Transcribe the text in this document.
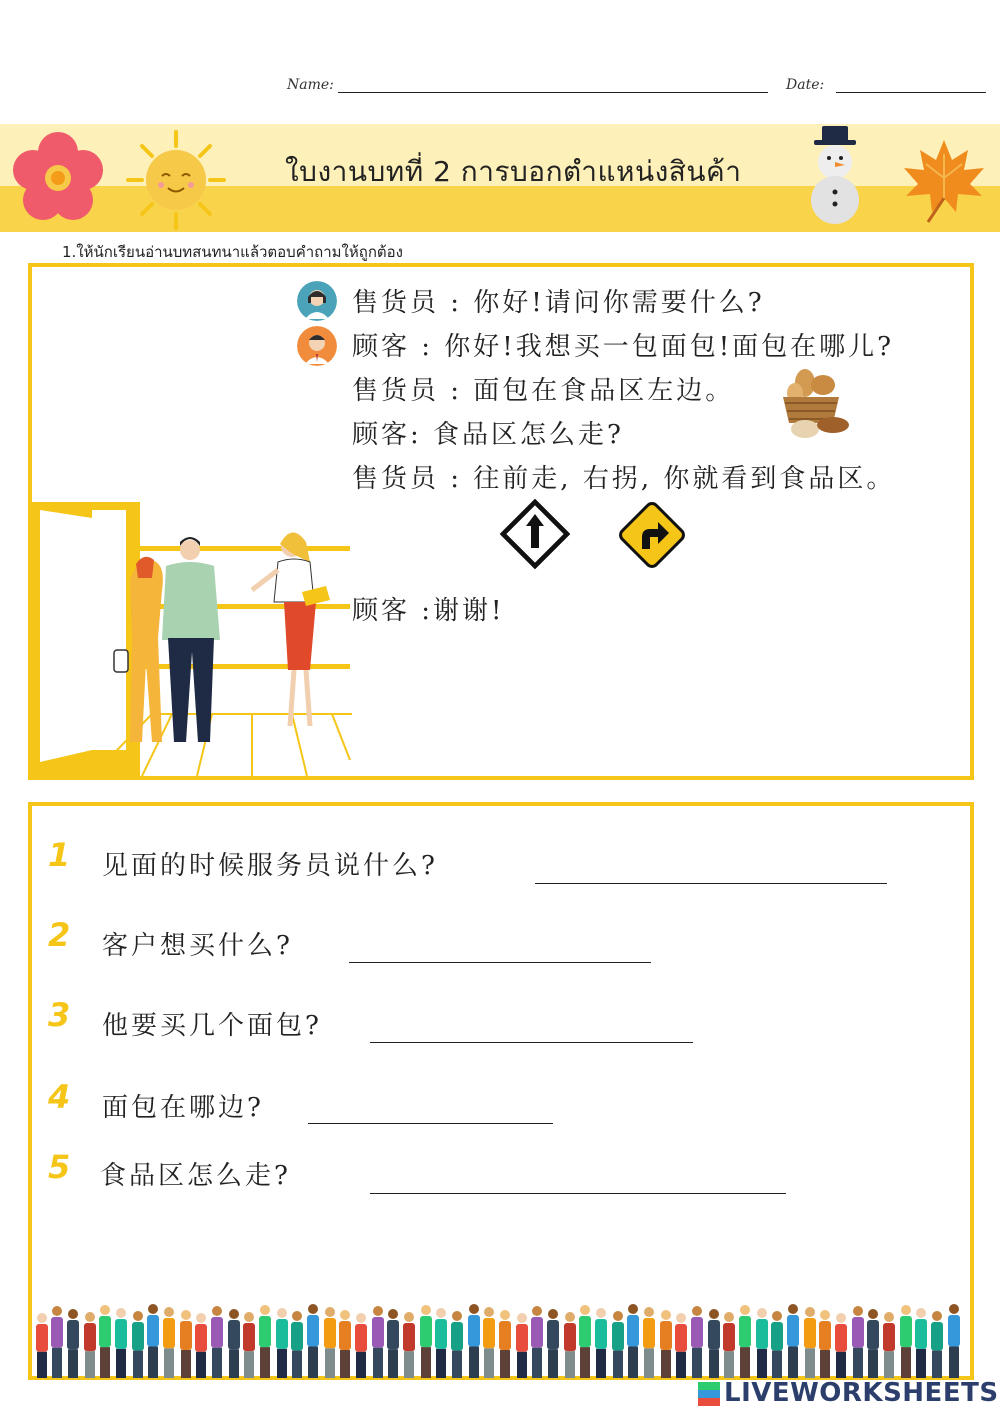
Name:	Date:
ใบงานบทที่ 2 การบอกตำแหน่งสินค้า
1.ให้นักเรียนอ่านบทสนทนาแล้วตอบคำถามให้ถูกต้อง
售货员 : 你好!请问你需要什么?
顾客 : 你好!我想买一包面包!面包在哪儿?
售货员 : 面包在食品区左边。
顾客: 食品区怎么走?
售货员 : 往前走, 右拐, 你就看到食品区。
顾客 :谢谢!
1 见面的时候服务员说什么?
2 客户想买什么?
3 他要买几个面包?
4 面包在哪边?
5 食品区怎么走?
LIVEWORKSHEETS
